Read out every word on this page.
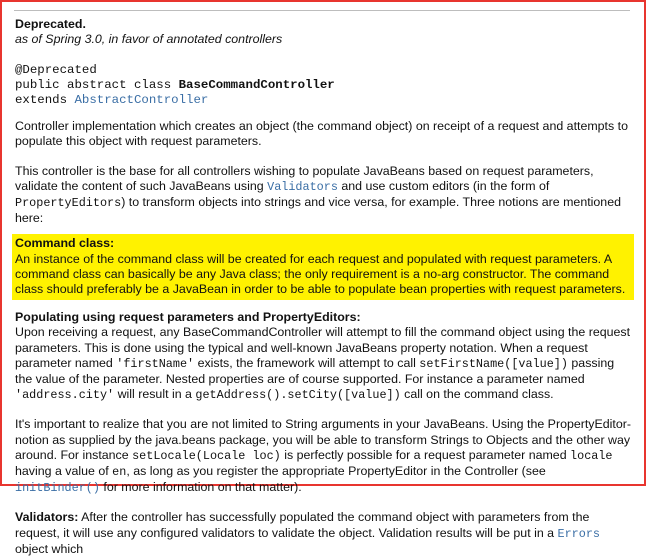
Deprecated.

as of Spring 3.0, in favor of annotated controllers

@Deprecated
public abstract class BaseCommandController
extends AbstractController

Controller implementation which creates an object (the command object) on receipt of a request and attempts to populate this object with request parameters.

This controller is the base for all controllers wishing to populate JavaBeans based on request parameters, validate the content of such JavaBeans using Validators and use custom editors (in the form of PropertyEditors) to transform objects into strings and vice versa, for example. Three notions are mentioned here:

Command class:

An instance of the command class will be created for each request and populated with request parameters. A command class can basically be any Java class; the only requirement is a no-arg constructor. The command class should preferably be a JavaBean in order to be able to populate bean properties with request parameters.

Populating using request parameters and PropertyEditors:

Upon receiving a request, any BaseCommandController will attempt to fill the command object using the request parameters. This is done using the typical and well-known JavaBeans property notation. When a request parameter named 'firstName' exists, the framework will attempt to call setFirstName([value]) passing the value of the parameter. Nested properties are of course supported. For instance a parameter named 'address.city' will result in a getAddress().setCity([value]) call on the command class.

It's important to realize that you are not limited to String arguments in your JavaBeans. Using the PropertyEditor-notion as supplied by the java.beans package, you will be able to transform Strings to Objects and the other way around. For instance setLocale(Locale loc) is perfectly possible for a request parameter named locale having a value of en, as long as you register the appropriate PropertyEditor in the Controller (see initBinder() for more information on that matter).

Validators: After the controller has successfully populated the command object with parameters from the request, it will use any configured validators to validate the object. Validation results will be put in a Errors object which
